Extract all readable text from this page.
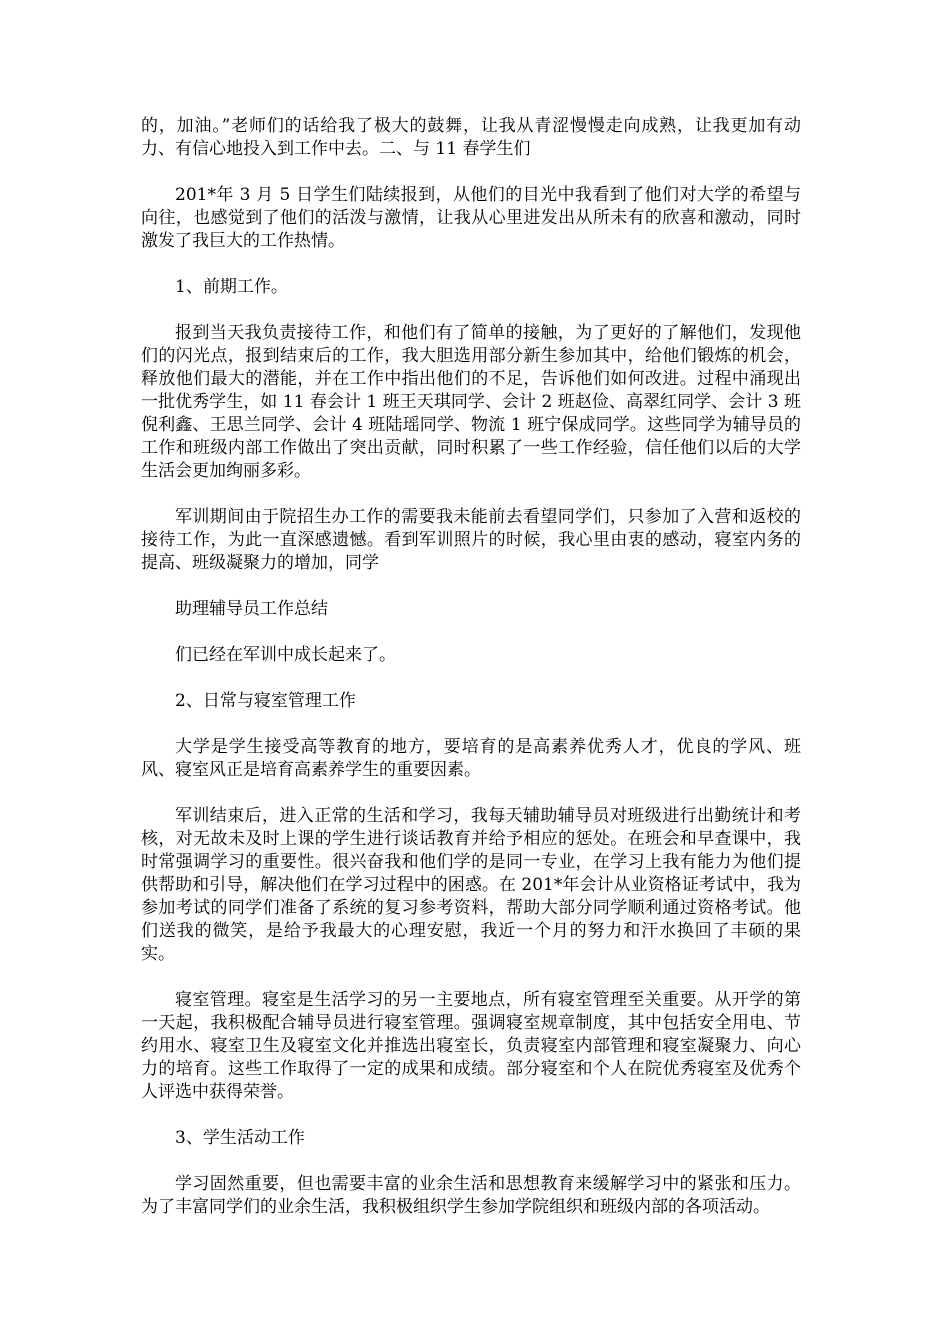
的，加油。”老师们的话给我了极大的鼓舞，让我从青涩慢慢走向成熟，让我更加有动力、有信心地投入到工作中去。二、与 11 春学生们

201*年 3 月 5 日学生们陆续报到，从他们的目光中我看到了他们对大学的希望与向往，也感觉到了他们的活泼与激情，让我从心里进发出从所未有的欣喜和激动，同时激发了我巨大的工作热情。

1、前期工作。

报到当天我负责接待工作，和他们有了简单的接触，为了更好的了解他们，发现他们的闪光点，报到结束后的工作，我大胆选用部分新生参加其中，给他们锻炼的机会，释放他们最大的潜能，并在工作中指出他们的不足，告诉他们如何改进。过程中涌现出一批优秀学生，如 11 春会计 1 班王天琪同学、会计 2 班赵俭、高翠红同学、会计 3 班倪利鑫、王思兰同学、会计 4 班陆瑶同学、物流 1 班宁保成同学。这些同学为辅导员的工作和班级内部工作做出了突出贡献，同时积累了一些工作经验，信任他们以后的大学生活会更加绚丽多彩。

军训期间由于院招生办工作的需要我未能前去看望同学们，只参加了入营和返校的接待工作，为此一直深感遗憾。看到军训照片的时候，我心里由衷的感动，寝室内务的提高、班级凝聚力的增加，同学

助理辅导员工作总结

们已经在军训中成长起来了。

2、日常与寝室管理工作

大学是学生接受高等教育的地方，要培育的是高素养优秀人才，优良的学风、班风、寝室风正是培育高素养学生的重要因素。

军训结束后，进入正常的生活和学习，我每天辅助辅导员对班级进行出勤统计和考核，对无故未及时上课的学生进行谈话教育并给予相应的惩处。在班会和早查课中，我时常强调学习的重要性。很兴奋我和他们学的是同一专业，在学习上我有能力为他们提供帮助和引导，解决他们在学习过程中的困惑。在 201*年会计从业资格证考试中，我为参加考试的同学们准备了系统的复习参考资料，帮助大部分同学顺利通过资格考试。他们送我的微笑，是给予我最大的心理安慰，我近一个月的努力和汗水换回了丰硕的果实。

寝室管理。寝室是生活学习的另一主要地点，所有寝室管理至关重要。从开学的第一天起，我积极配合辅导员进行寝室管理。强调寝室规章制度，其中包括安全用电、节约用水、寝室卫生及寝室文化并推选出寝室长，负责寝室内部管理和寝室凝聚力、向心力的培育。这些工作取得了一定的成果和成绩。部分寝室和个人在院优秀寝室及优秀个人评选中获得荣誉。

3、学生活动工作

学习固然重要，但也需要丰富的业余生活和思想教育来缓解学习中的紧张和压力。为了丰富同学们的业余生活，我积极组织学生参加学院组织和班级内部的各项活动。
